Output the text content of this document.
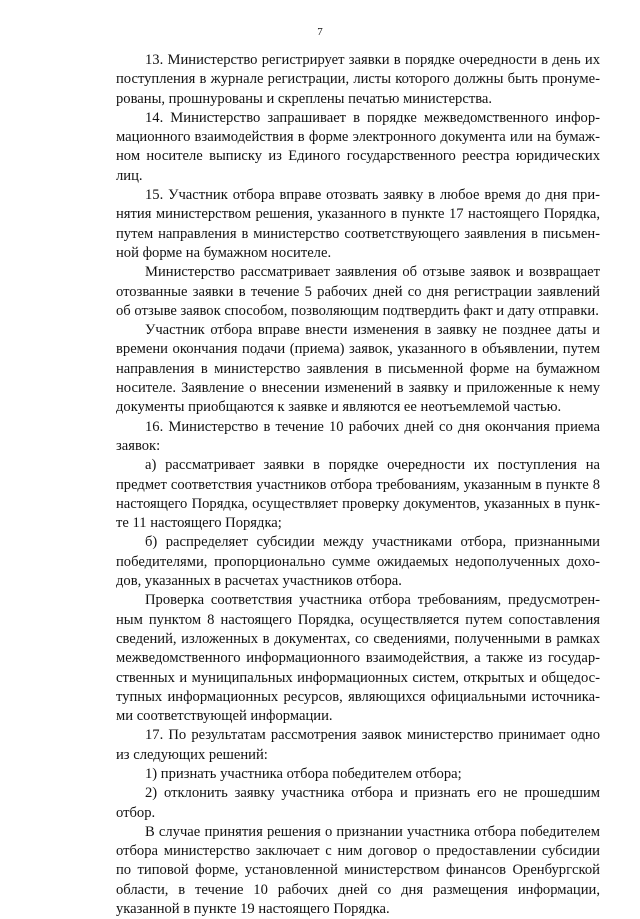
7

13. Министерство регистрирует заявки в порядке очередности в день их поступления в журнале регистрации, листы которого должны быть пронумерованы, прошнурованы и скреплены печатью министерства.

14. Министерство запрашивает в порядке межведомственного информационного взаимодействия в форме электронного документа или на бумажном носителе выписку из Единого государственного реестра юридических лиц.

15. Участник отбора вправе отозвать заявку в любое время до дня принятия министерством решения, указанного в пункте 17 настоящего Порядка, путем направления в министерство соответствующего заявления в письменной форме на бумажном носителе.

Министерство рассматривает заявления об отзыве заявок и возвращает отозванные заявки в течение 5 рабочих дней со дня регистрации заявлений об отзыве заявок способом, позволяющим подтвердить факт и дату отправки.

Участник отбора вправе внести изменения в заявку не позднее даты и времени окончания подачи (приема) заявок, указанного в объявлении, путем направления в министерство заявления в письменной форме на бумажном носителе. Заявление о внесении изменений в заявку и приложенные к нему документы приобщаются к заявке и являются ее неотъемлемой частью.

16. Министерство в течение 10 рабочих дней со дня окончания приема заявок:

а) рассматривает заявки в порядке очередности их поступления на предмет соответствия участников отбора требованиям, указанным в пункте 8 настоящего Порядка, осуществляет проверку документов, указанных в пункте 11 настоящего Порядка;

б) распределяет субсидии между участниками отбора, признанными победителями, пропорционально сумме ожидаемых недополученных доходов, указанных в расчетах участников отбора.

Проверка соответствия участника отбора требованиям, предусмотренным пунктом 8 настоящего Порядка, осуществляется путем сопоставления сведений, изложенных в документах, со сведениями, полученными в рамках межведомственного информационного взаимодействия, а также из государственных и муниципальных информационных систем, открытых и общедоступных информационных ресурсов, являющихся официальными источниками соответствующей информации.

17. По результатам рассмотрения заявок министерство принимает одно из следующих решений:

1) признать участника отбора победителем отбора;

2) отклонить заявку участника отбора и признать его не прошедшим отбор.

В случае принятия решения о признании участника отбора победителем отбора министерство заключает с ним договор о предоставлении субсидии по типовой форме, установленной министерством финансов Оренбургской области, в течение 10 рабочих дней со дня размещения информации, указанной в пункте 19 настоящего Порядка.
